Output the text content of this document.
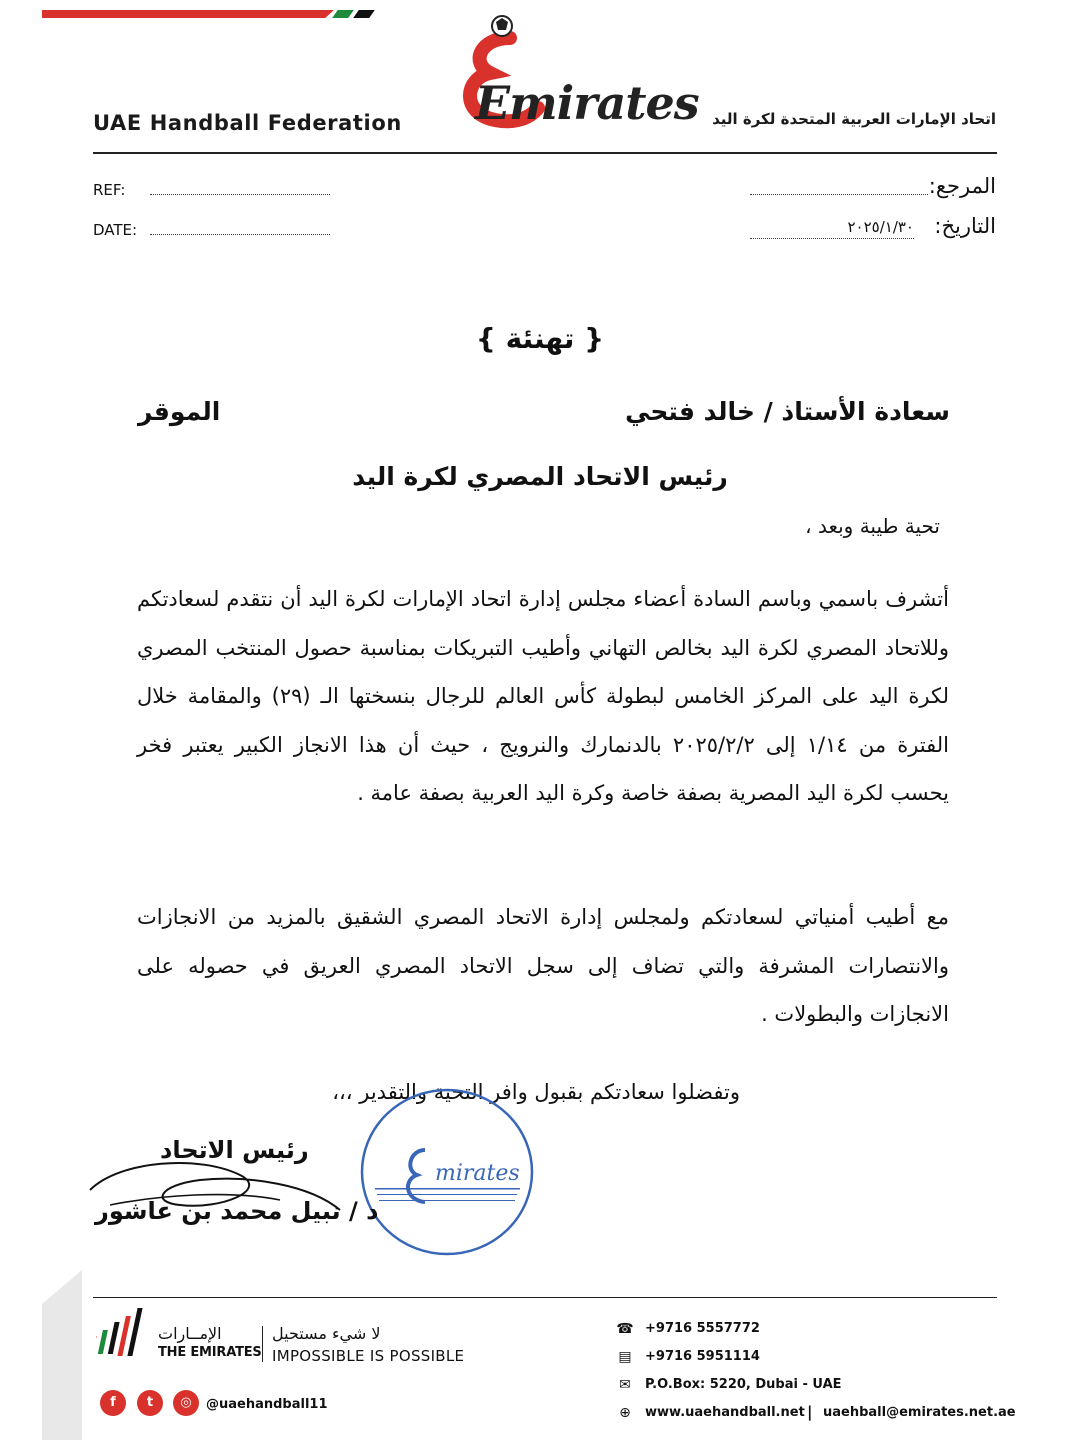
UAE Handball Federation Emirates اتحاد الإمارات العربية المتحدة لكرة اليد
REF:
DATE:
المرجع:
التاريخ:
٢٠٢٥/١/٣٠
{ تهنئة }
سعادة الأستاذ / خالد فتحي
الموقر
رئيس الاتحاد المصري لكرة اليد
تحية طيبة وبعد ،
أتشرف باسمي وباسم السادة أعضاء مجلس إدارة اتحاد الإمارات لكرة اليد أن نتقدم لسعادتكم وللاتحاد المصري لكرة اليد بخالص التهاني وأطيب التبريكات بمناسبة حصول المنتخب المصري لكرة اليد على المركز الخامس لبطولة كأس العالم للرجال بنسختها الـ (٢٩) والمقامة خلال الفترة من ١/١٤ إلى ٢٠٢٥/٢/٢ بالدنمارك والنرويج ، حيث أن هذا الانجاز الكبير يعتبر فخر يحسب لكرة اليد المصرية بصفة خاصة وكرة اليد العربية بصفة عامة .
مع أطيب أمنياتي لسعادتكم ولمجلس إدارة الاتحاد المصري الشقيق بالمزيد من الانجازات والانتصارات المشرفة والتي تضاف إلى سجل الاتحاد المصري العريق في حصوله على الانجازات والبطولات .
وتفضلوا سعادتكم بقبول وافر التحية والتقدير ،،،
mirates
رئيس الاتحاد
د / نبيل محمد بن عاشور
الإمــارات
THE EMIRATES
لا شيء مستحيل
IMPOSSIBLE IS POSSIBLE
f	t	◎	@uaehandball11
☎ +9716 5557772
▤ +9716 5951114
✉ P.O.Box: 5220, Dubai - UAE
⊕ www.uaehandball.net | uaehball@emirates.net.ae
